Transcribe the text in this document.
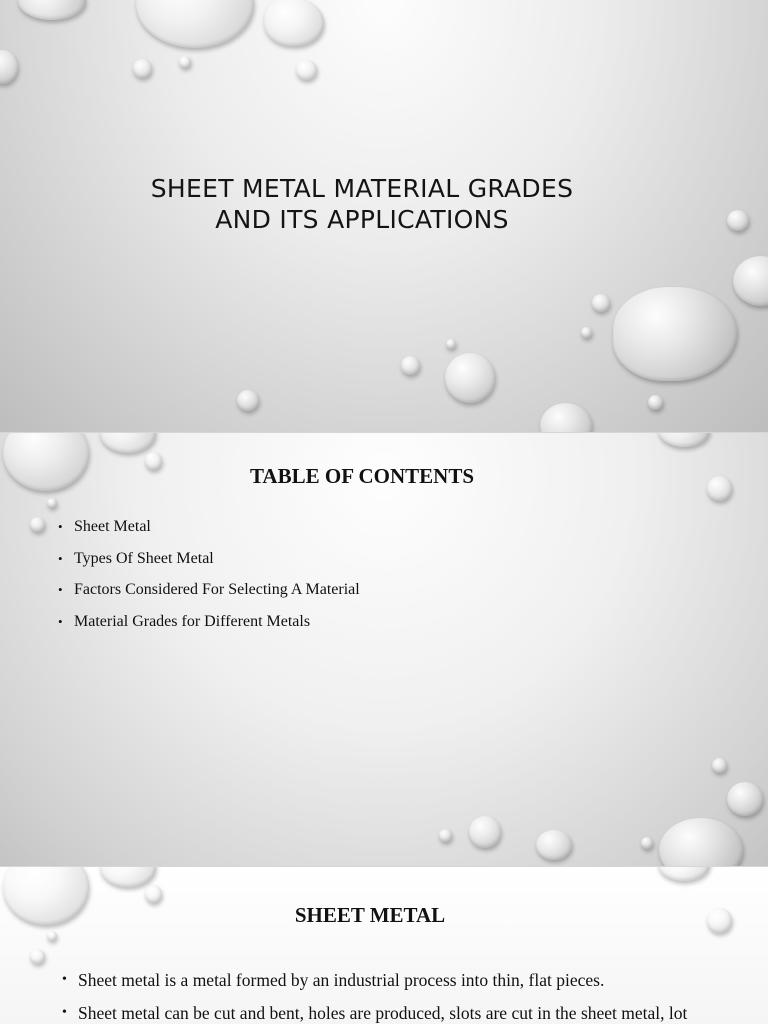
SHEET METAL MATERIAL GRADES
AND ITS APPLICATIONS
TABLE OF CONTENTS
• Sheet Metal
• Types Of Sheet Metal
• Factors Considered For Selecting A Material
• Material Grades for Different Metals
SHEET METAL
• Sheet metal is a metal formed by an industrial process into thin, flat pieces.
• Sheet metal can be cut and bent, holes are produced, slots are cut in the sheet metal, lot
